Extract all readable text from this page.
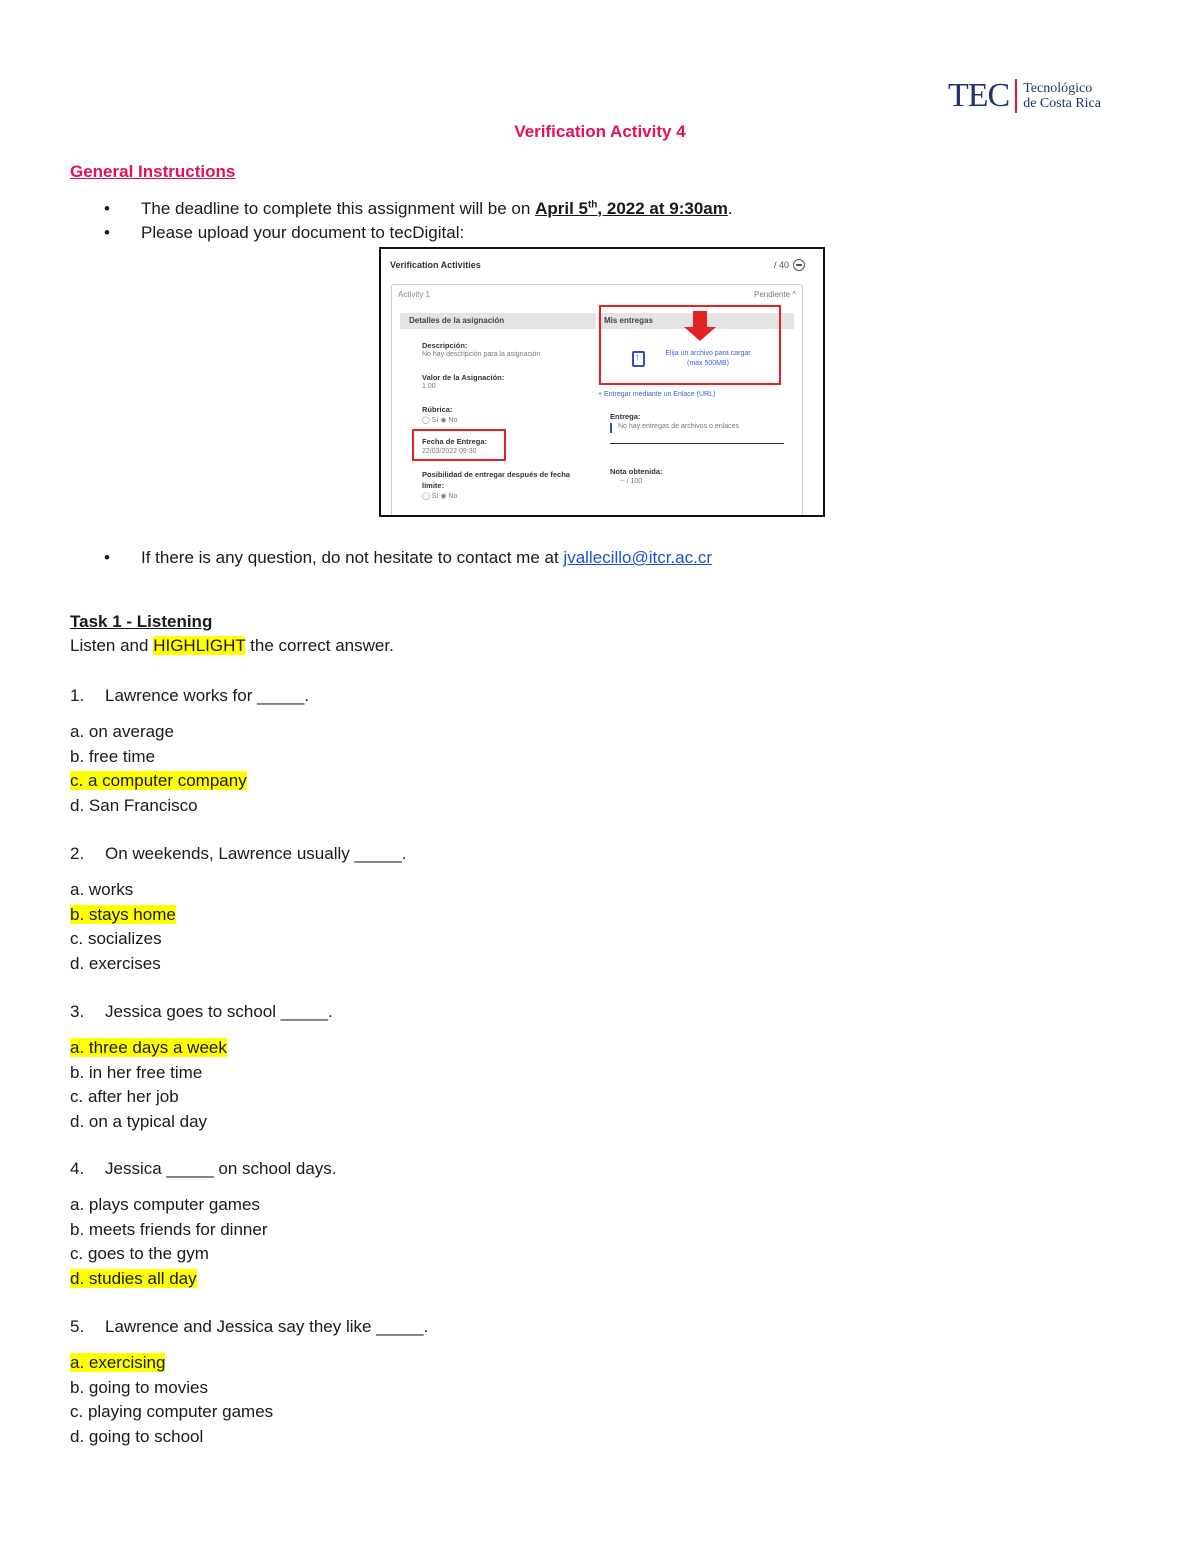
TEC Tecnológico
de Costa Rica
Verification Activity 4
General Instructions
• The deadline to complete this assignment will be on April 5th, 2022 at 9:30am.
• Please upload your document to tecDigital:
Verification Activities	/ 40
Activity 1	Pendiente ^
Detalles de la asignación	Mis entregas
Descripción:
No hay descripción para la asignación
Valor de la Asignación:
1.00
Rúbrica:
◯ Sí ◉ No
Fecha de Entrega:
22/03/2022 09:30
Posibilidad de entregar después de fecha
límite:
◯ Sí ◉ No
↑
Elija un archivo para cargar
(max 500MB)
+ Entregar mediante un Enlace (URL)
Entrega:
No hay entregas de archivos o enlaces
Nota obtenida:
-- / 100
• If there is any question, do not hesitate to contact me at jvallecillo@itcr.ac.cr
Task 1 - Listening
Listen and HIGHLIGHT the correct answer.
1. Lawrence works for _____.
a. on average
b. free time
c. a computer company
d. San Francisco
2. On weekends, Lawrence usually _____.
a. works
b. stays home
c. socializes
d. exercises
3. Jessica goes to school _____.
a. three days a week
b. in her free time
c. after her job
d. on a typical day
4. Jessica _____ on school days.
a. plays computer games
b. meets friends for dinner
c. goes to the gym
d. studies all day
5. Lawrence and Jessica say they like _____.
a. exercising
b. going to movies
c. playing computer games
d. going to school
